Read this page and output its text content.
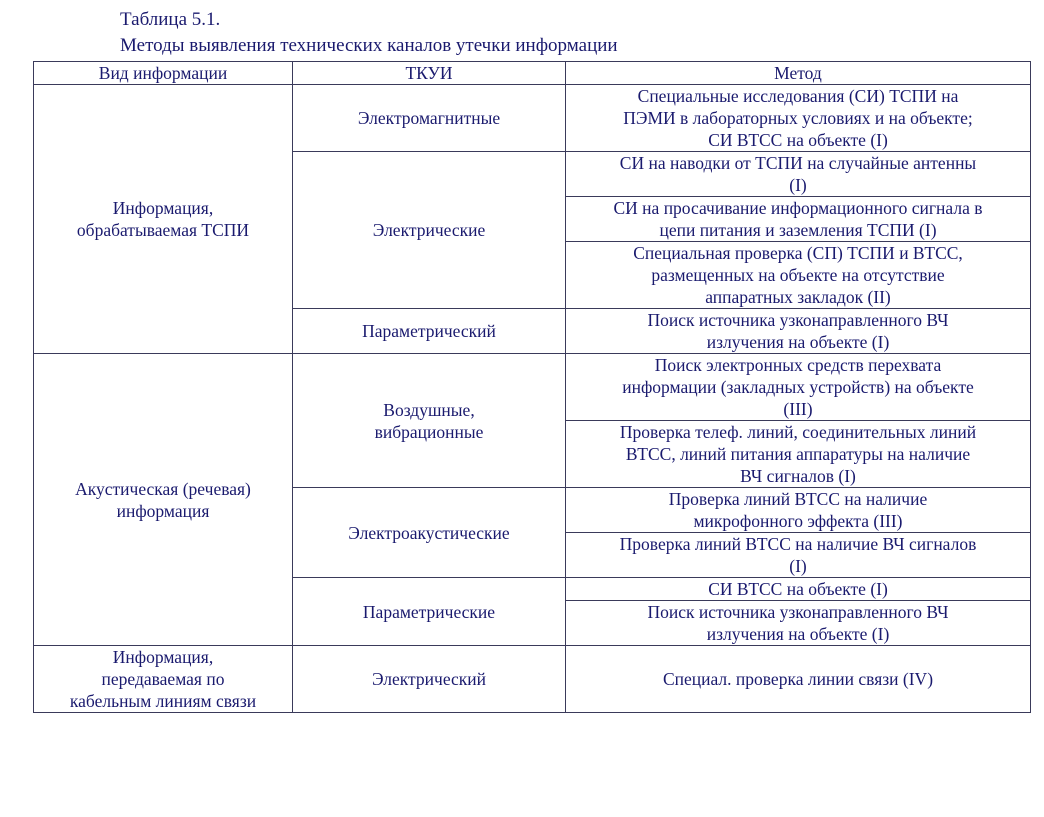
Таблица 5.1.
Методы выявления технических каналов утечки информации
Вид информации	ТКУИ	Метод
Информация,
обрабатываемая ТСПИ	Электромагнитные	Специальные исследования (СИ) ТСПИ на
ПЭМИ в лабораторных условиях и на объекте;
СИ ВТСС на объекте (I)
	Электрические	СИ на наводки от ТСПИ на случайные антенны
(I)
		СИ на просачивание информационного сигнала в
цепи питания и заземления ТСПИ (I)
		Специальная проверка (СП) ТСПИ и ВТСС,
размещенных на объекте на отсутствие
аппаратных закладок (II)
	Параметрический	Поиск источника узконаправленного ВЧ
излучения на объекте (I)
Акустическая (речевая)
информация	Воздушные,
вибрационные	Поиск электронных средств перехвата
информации (закладных устройств) на объекте
(III)
		Проверка телеф. линий, соединительных линий
ВТСС, линий питания аппаратуры на наличие
ВЧ сигналов (I)
	Электроакустические	Проверка линий ВТСС на наличие
микрофонного эффекта (III)
		Проверка линий ВТСС на наличие ВЧ сигналов
(I)
	Параметрические	СИ ВТСС на объекте (I)
		Поиск источника узконаправленного ВЧ
излучения на объекте (I)
Информация,
передаваемая по
кабельным линиям связи	Электрический	Специал. проверка линии связи (IV)
